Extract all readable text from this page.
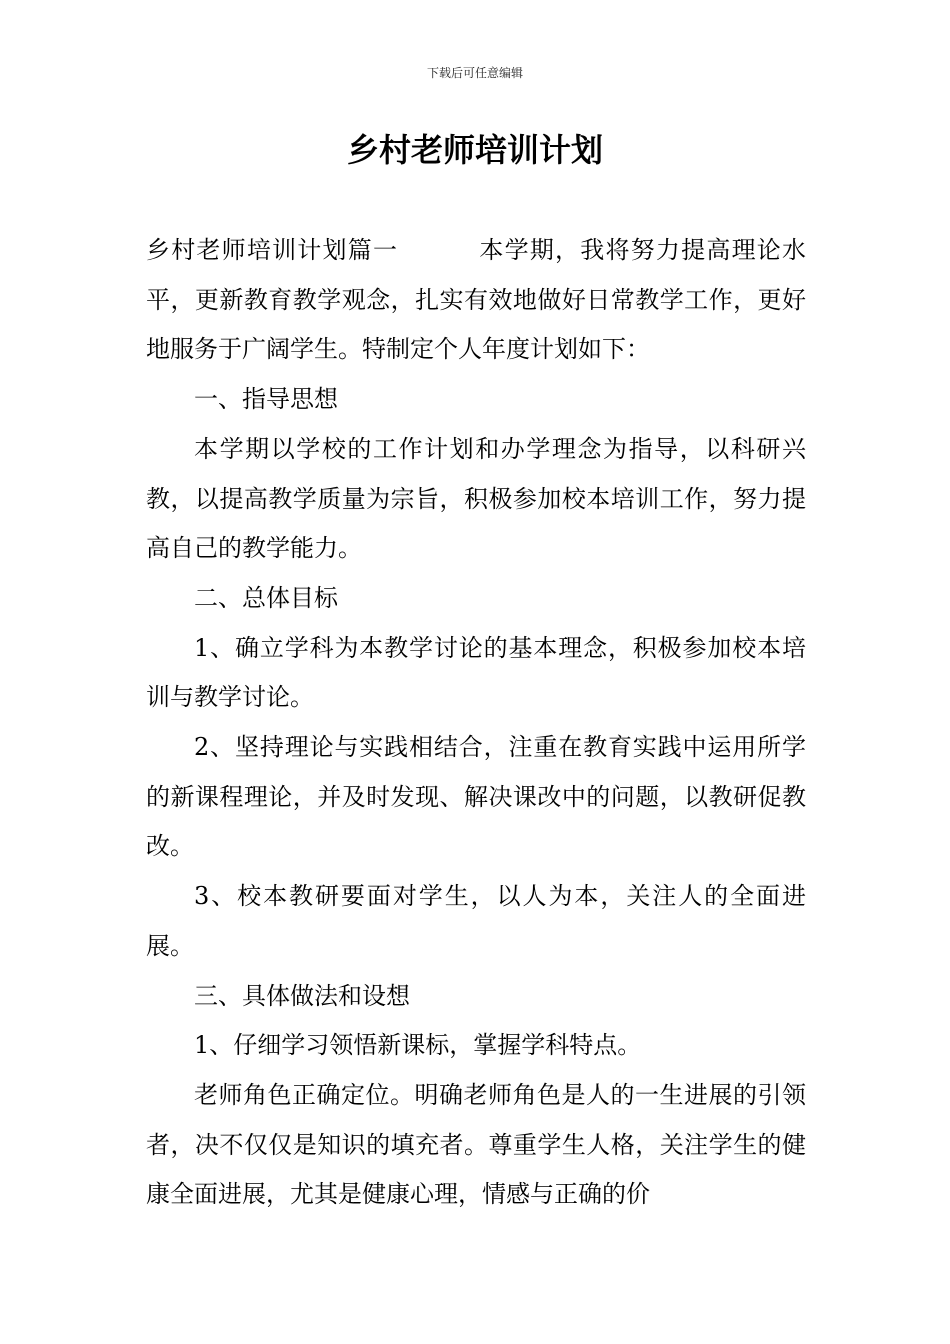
下载后可任意编辑
乡村老师培训计划

乡村老师培训计划篇一	本学期，我将努力提高理论水平，更新教育教学观念，扎实有效地做好日常教学工作，更好地服务于广阔学生。特制定个人年度计划如下：

一、指导思想

本学期以学校的工作计划和办学理念为指导，以科研兴教，以提高教学质量为宗旨，积极参加校本培训工作，努力提高自己的教学能力。

二、总体目标

1、确立学科为本教学讨论的基本理念，积极参加校本培训与教学讨论。

2、坚持理论与实践相结合，注重在教育实践中运用所学的新课程理论，并及时发现、解决课改中的问题，以教研促教改。

3、校本教研要面对学生，以人为本，关注人的全面进展。

三、具体做法和设想

1、仔细学习领悟新课标，掌握学科特点。

老师角色正确定位。明确老师角色是人的一生进展的引领者，决不仅仅是知识的填充者。尊重学生人格，关注学生的健康全面进展，尤其是健康心理，情感与正确的价
